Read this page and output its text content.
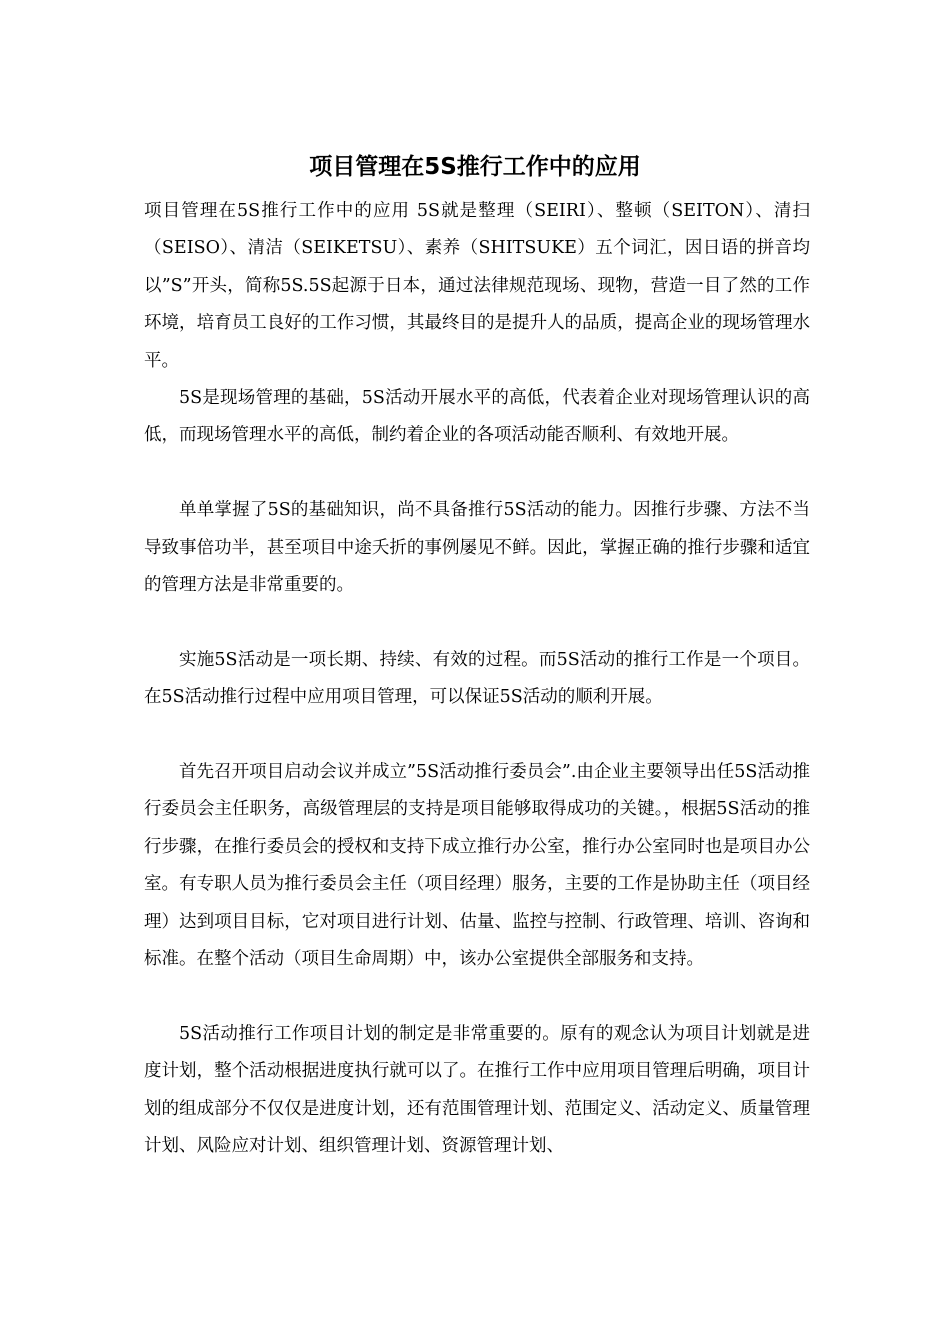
项目管理在5S推行工作中的应用

项目管理在5S推行工作中的应用 5S就是整理（SEIRI）、整顿（SEITON）、清扫（SEISO）、清洁（SEIKETSU）、素养（SHITSUKE）五个词汇，因日语的拼音均以”S”开头，简称5S.5S起源于日本，通过法律规范现场、现物，营造一目了然的工作环境，培育员工良好的工作习惯，其最终目的是提升人的品质，提高企业的现场管理水平。

5S是现场管理的基础，5S活动开展水平的高低，代表着企业对现场管理认识的高低，而现场管理水平的高低，制约着企业的各项活动能否顺利、有效地开展。

单单掌握了5S的基础知识，尚不具备推行5S活动的能力。因推行步骤、方法不当导致事倍功半，甚至项目中途夭折的事例屡见不鲜。因此，掌握正确的推行步骤和适宜的管理方法是非常重要的。

实施5S活动是一项长期、持续、有效的过程。而5S活动的推行工作是一个项目。在5S活动推行过程中应用项目管理，可以保证5S活动的顺利开展。

首先召开项目启动会议并成立”5S活动推行委员会”.由企业主要领导出任5S活动推行委员会主任职务，高级管理层的支持是项目能够取得成功的关键。，根据5S活动的推行步骤，在推行委员会的授权和支持下成立推行办公室，推行办公室同时也是项目办公室。有专职人员为推行委员会主任（项目经理）服务，主要的工作是协助主任（项目经理）达到项目目标，它对项目进行计划、估量、监控与控制、行政管理、培训、咨询和标准。在整个活动（项目生命周期）中，该办公室提供全部服务和支持。

5S活动推行工作项目计划的制定是非常重要的。原有的观念认为项目计划就是进度计划，整个活动根据进度执行就可以了。在推行工作中应用项目管理后明确，项目计划的组成部分不仅仅是进度计划，还有范围管理计划、范围定义、活动定义、质量管理计划、风险应对计划、组织管理计划、资源管理计划、
